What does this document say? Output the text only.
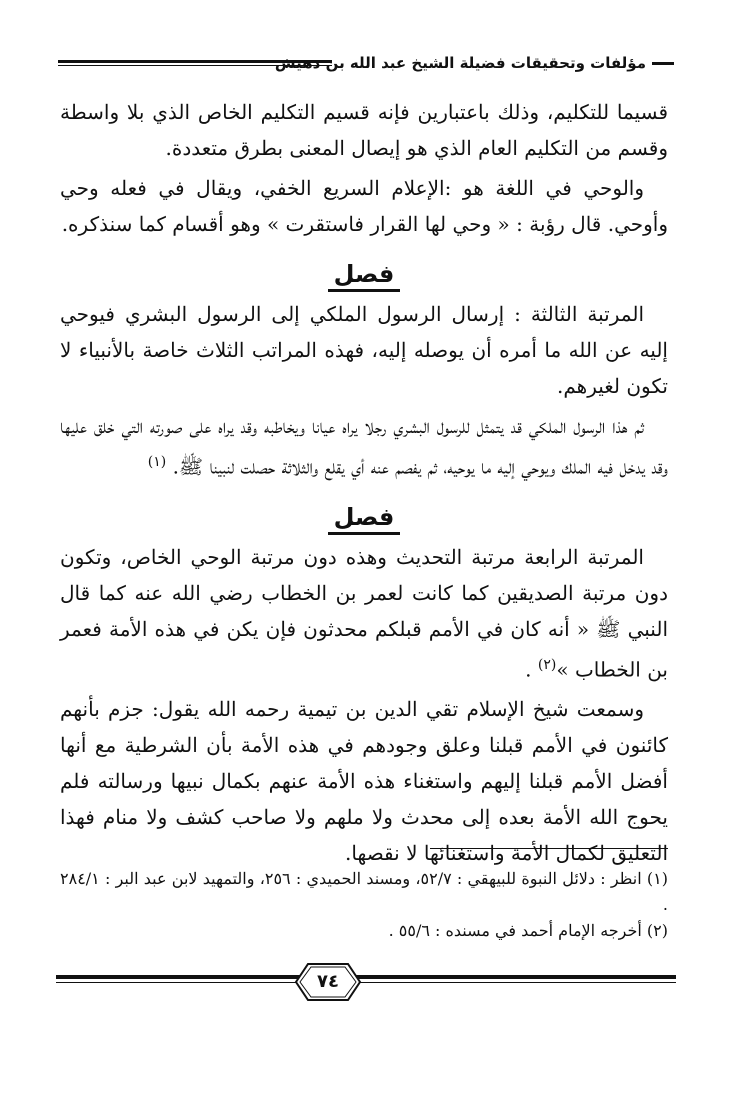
مؤلفات وتحقيقات فضيلة الشيخ عبد الله بن دهيش

قسيما للتكليم، وذلك باعتبارين فإنه قسيم التكليم الخاص الذي بلا واسطة وقسم من التكليم العام الذي هو إيصال المعنى بطرق متعددة.

والوحي في اللغة هو :الإعلام السريع الخفي، ويقال في فعله وحي وأوحي. قال رؤبة : « وحي لها القرار فاستقرت » وهو أقسام كما سنذكره.

فصل

المرتبة الثالثة : إرسال الرسول الملكي إلى الرسول البشري فيوحي إليه عن الله ما أمره أن يوصله إليه، فهذه المراتب الثلاث خاصة بالأنبياء لا تكون لغيرهم.

ثم هذا الرسول الملكي قد يتمثل للرسول البشري رجلا يراه عيانا ويخاطبه وقد يراه على صورته التي خلق عليها وقد يدخل فيه الملك ويوحي إليه ما يوحيه، ثم يفصم عنه أي يقلع والثلاثة حصلت لنبينا ﷺ. $^{(١)}$

فصل

المرتبة الرابعة مرتبة التحديث وهذه دون مرتبة الوحي الخاص، وتكون دون مرتبة الصديقين كما كانت لعمر بن الخطاب رضي الله عنه كما قال النبي ﷺ « أنه كان في الأمم قبلكم محدثون فإن يكن في هذه الأمة فعمر بن الخطاب »$^{(٢)}$ .

وسمعت شيخ الإسلام تقي الدين بن تيمية رحمه الله يقول: جزم بأنهم كائنون في الأمم قبلنا وعلق وجودهم في هذه الأمة بأن الشرطية مع أنها أفضل الأمم قبلنا إليهم واستغناء هذه الأمة عنهم بكمال نبيها ورسالته فلم يحوج الله الأمة بعده إلى محدث ولا ملهم ولا صاحب كشف ولا منام فهذا التعليق لكمال الأمة واستغنائها لا نقصها.

(١) انظر : دلائل النبوة للبيهقي : ٥٢/٧، ومسند الحميدي : ٢٥٦، والتمهيد لابن عبد البر : ٢٨٤/١ .

(٢) أخرجه الإمام أحمد في مسنده : ٥٥/٦ .

٧٤
